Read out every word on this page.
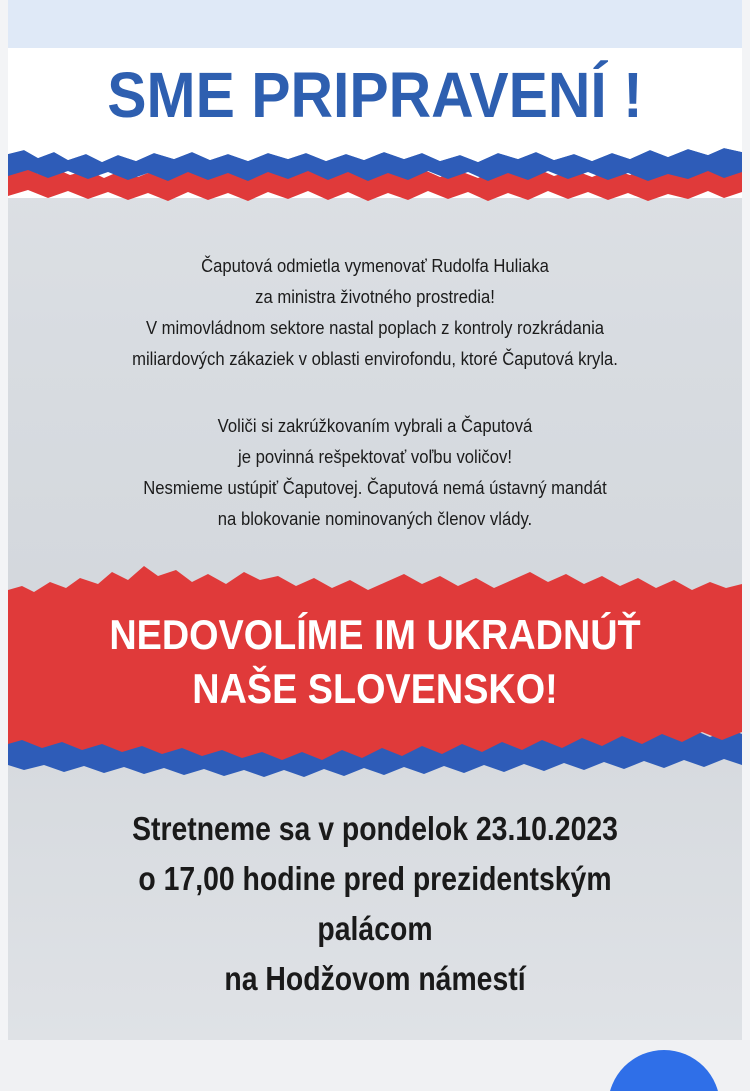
SME PRIPRAVENÍ !
Čaputová odmietla vymenovať Rudolfa Huliaka
za ministra životného prostredia!
V mimovládnom sektore nastal poplach z kontroly rozkrádania
miliardových zákaziek v oblasti envirofondu, ktoré Čaputová kryla.
Voliči si zakrúžkovaním vybrali a Čaputová
je povinná rešpektovať voľbu voličov!
Nesmieme ustúpiť Čaputovej. Čaputová nemá ústavný mandát
na blokovanie nominovaných členov vlády.
NEDOVOLÍME IM UKRADNÚŤ
NAŠE SLOVENSKO!
Stretneme sa v pondelok 23.10.2023
o 17,00 hodine pred prezidentským
palácom
na Hodžovom námestí
